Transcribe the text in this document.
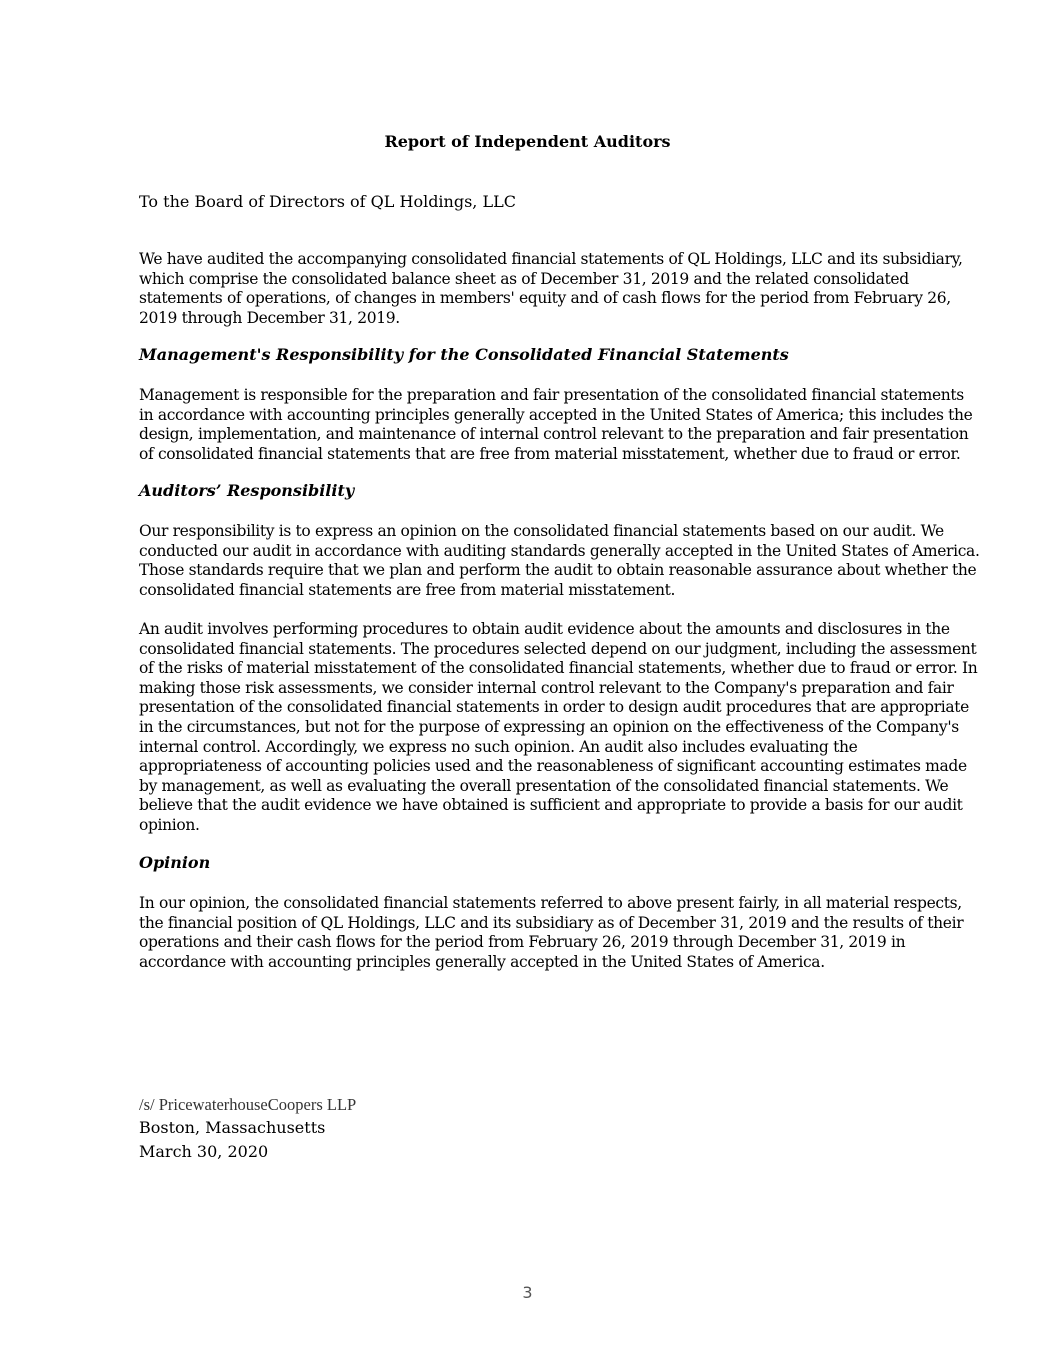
Report of Independent Auditors
To the Board of Directors of QL Holdings, LLC
We have audited the accompanying consolidated financial statements of QL Holdings, LLC and its subsidiary,
which comprise the consolidated balance sheet as of December 31, 2019 and the related consolidated
statements of operations, of changes in members' equity and of cash flows for the period from February 26,
2019 through December 31, 2019.
Management's Responsibility for the Consolidated Financial Statements
Management is responsible for the preparation and fair presentation of the consolidated financial statements
in accordance with accounting principles generally accepted in the United States of America; this includes the
design, implementation, and maintenance of internal control relevant to the preparation and fair presentation
of consolidated financial statements that are free from material misstatement, whether due to fraud or error.
Auditors’ Responsibility
Our responsibility is to express an opinion on the consolidated financial statements based on our audit. We
conducted our audit in accordance with auditing standards generally accepted in the United States of America.
Those standards require that we plan and perform the audit to obtain reasonable assurance about whether the
consolidated financial statements are free from material misstatement.
An audit involves performing procedures to obtain audit evidence about the amounts and disclosures in the
consolidated financial statements. The procedures selected depend on our judgment, including the assessment
of the risks of material misstatement of the consolidated financial statements, whether due to fraud or error. In
making those risk assessments, we consider internal control relevant to the Company's preparation and fair
presentation of the consolidated financial statements in order to design audit procedures that are appropriate
in the circumstances, but not for the purpose of expressing an opinion on the effectiveness of the Company's
internal control. Accordingly, we express no such opinion. An audit also includes evaluating the
appropriateness of accounting policies used and the reasonableness of significant accounting estimates made
by management, as well as evaluating the overall presentation of the consolidated financial statements. We
believe that the audit evidence we have obtained is sufficient and appropriate to provide a basis for our audit
opinion.
Opinion
In our opinion, the consolidated financial statements referred to above present fairly, in all material respects,
the financial position of QL Holdings, LLC and its subsidiary as of December 31, 2019 and the results of their
operations and their cash flows for the period from February 26, 2019 through December 31, 2019 in
accordance with accounting principles generally accepted in the United States of America.
/s/ PricewaterhouseCoopers LLP
Boston, Massachusetts
March 30, 2020
3
